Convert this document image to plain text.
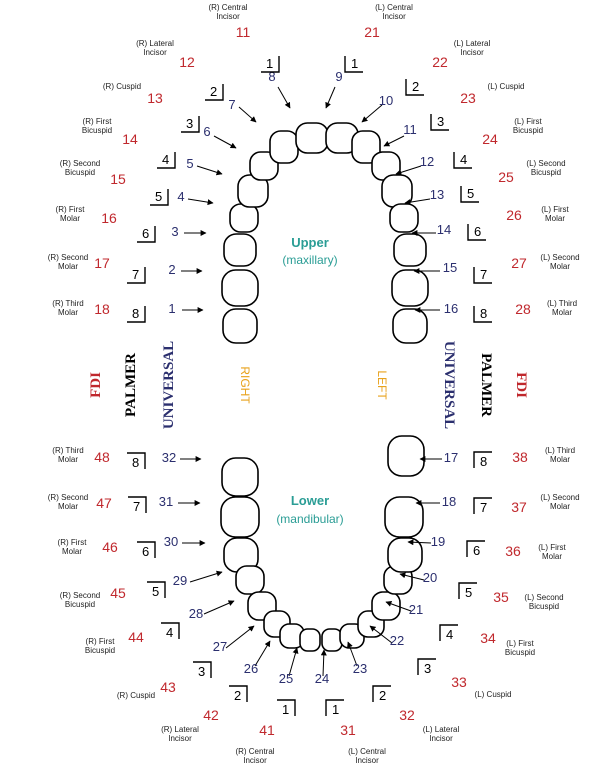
Upper
(maxillary)
Lower
(mandibular)
FDI PALMER UNIVERSAL	RIGHT	LEFT	UNIVERSAL PALMER FDI
1
8
18
(R) Third
Molar
2
7
17
(R) Second
Molar
3
6
16
(R) First
Molar
4
5
15
(R) Second
Bicuspid
5
4
14
(R) First
Bicuspid	6
3
13
(R) Cuspid
7
2
12
(R) Lateral
Incisor
8
1
11
(R) Central
Incisor
9
1
21
(L) Central
Incisor
10
2
22
(L) Lateral
Incisor
11
3
23
(L) Cuspid
12 4
24
(L) First
Bicuspid
13 5
25
(L) Second
Bicuspid
14 6
26 (L) First
Molar
15 7
27 (L) Second
Molar
16 8 28 (L) Third
Molar
32
8
48
(R) Third
Molar
31
7
47
(R) Second
Molar
30
6
46
(R) First
Molar
29
5
45
(R) Second
Bicuspid
28
4
44
(R) First
Bicuspid	27
3
43
(R) Cuspid
26
2
42
(R) Lateral
Incisor
25
1
41
(R) Central
Incisor
24
1
31
(L) Central
Incisor
23
2
32
(L) Lateral
Incisor
22
3
33
(L) Cuspid
21
4 34 (L) First
Bicuspid
20
5 35 (L) Second
Bicuspid
19
6 36 (L) First
Molar
18 7 37
(L) Second
Molar
17 8 38 (L) Third
Molar
